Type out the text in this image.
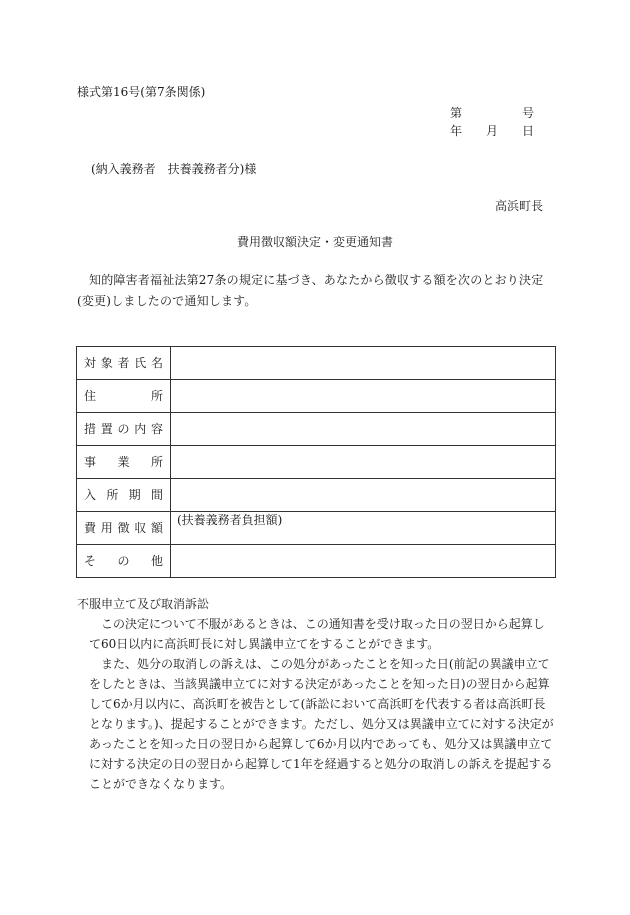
様式第16号(第7条関係)
第	号
年 月 日
(納入義務者　扶養義務者分)様
高浜町長
費用徴収額決定・変更通知書
知的障害者福祉法第27条の規定に基づき、あなたから徴収する額を次のとおり決定(変更)しましたので通知します。
対 象 者 氏 名	

住 所	

措 置 の 内 容	

事 業 所	

入 所 期 間	

費 用 徴 収 額	(扶養義務者負担額)

そ の 他	

不服申立て及び取消訴訟
この決定について不服があるときは、この通知書を受け取った日の翌日から起算して60日以内に高浜町長に対し異議申立てをすることができます。
また、処分の取消しの訴えは、この処分があったことを知った日(前記の異議申立てをしたときは、当該異議申立てに対する決定があったことを知った日)の翌日から起算して6か月以内に、高浜町を被告として(訴訟において高浜町を代表する者は高浜町長となります。)、提起することができます。ただし、処分又は異議申立てに対する決定があったことを知った日の翌日から起算して6か月以内であっても、処分又は異議申立てに対する決定の日の翌日から起算して1年を経過すると処分の取消しの訴えを提起することができなくなります。
